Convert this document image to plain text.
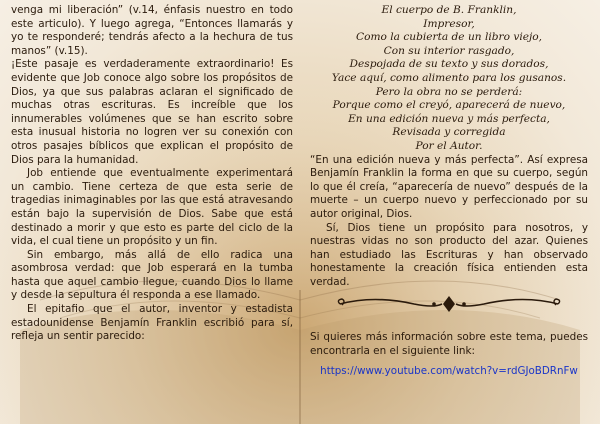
venga mi liberación” (v.14, énfasis nuestro en todo este articulo). Y luego agrega, “Entonces llamarás y yo te responderé; tendrás afecto a la hechura de tus manos” (v.15).

¡Este pasaje es verdaderamente extraordinario! Es evidente que Job conoce algo sobre los propósitos de Dios, ya que sus palabras aclaran el significado de muchas otras escrituras. Es increíble que los innumerables volúmenes que se han escrito sobre esta inusual historia no logren ver su conexión con otros pasajes bíblicos que explican el propósito de Dios para la humanidad.

Job entiende que eventualmente experimentará un cambio. Tiene certeza de que esta serie de tragedias inimaginables por las que está atravesando están bajo la supervisión de Dios. Sabe que está destinado a morir y que esto es parte del ciclo de la vida, el cual tiene un propósito y un fin.

Sin embargo, más allá de ello radica una asombrosa verdad: que Job esperará en la tumba hasta que aquel cambio llegue, cuando Dios lo llame y desde la sepultura él responda a ese llamado.

El epitafio que el autor, inventor y estadista estadounidense Benjamín Franklin escribió para sí, refleja un sentir parecido:

El cuerpo de B. Franklin,
Impresor,
Como la cubierta de un libro viejo,
Con su interior rasgado,
Despojada de su texto y sus dorados,
Yace aquí, como alimento para los gusanos.
Pero la obra no se perderá:
Porque como el creyó, aparecerá de nuevo,
En una edición nueva y más perfecta,
Revisada y corregida
Por el Autor.

“En una edición nueva y más perfecta”. Así expresa Benjamín Franklin la forma en que su cuerpo, según lo que él creía, “aparecería de nuevo” después de la muerte – un cuerpo nuevo y perfeccionado por su autor original, Dios.

Sí, Dios tiene un propósito para nosotros, y nuestras vidas no son producto del azar. Quienes han estudiado las Escrituras y han observado honestamente la creación física entienden esta verdad.

Si quieres más información sobre este tema, puedes encontrarla en el siguiente link:

https://www.youtube.com/watch?v=rdGJoBDRnFw
